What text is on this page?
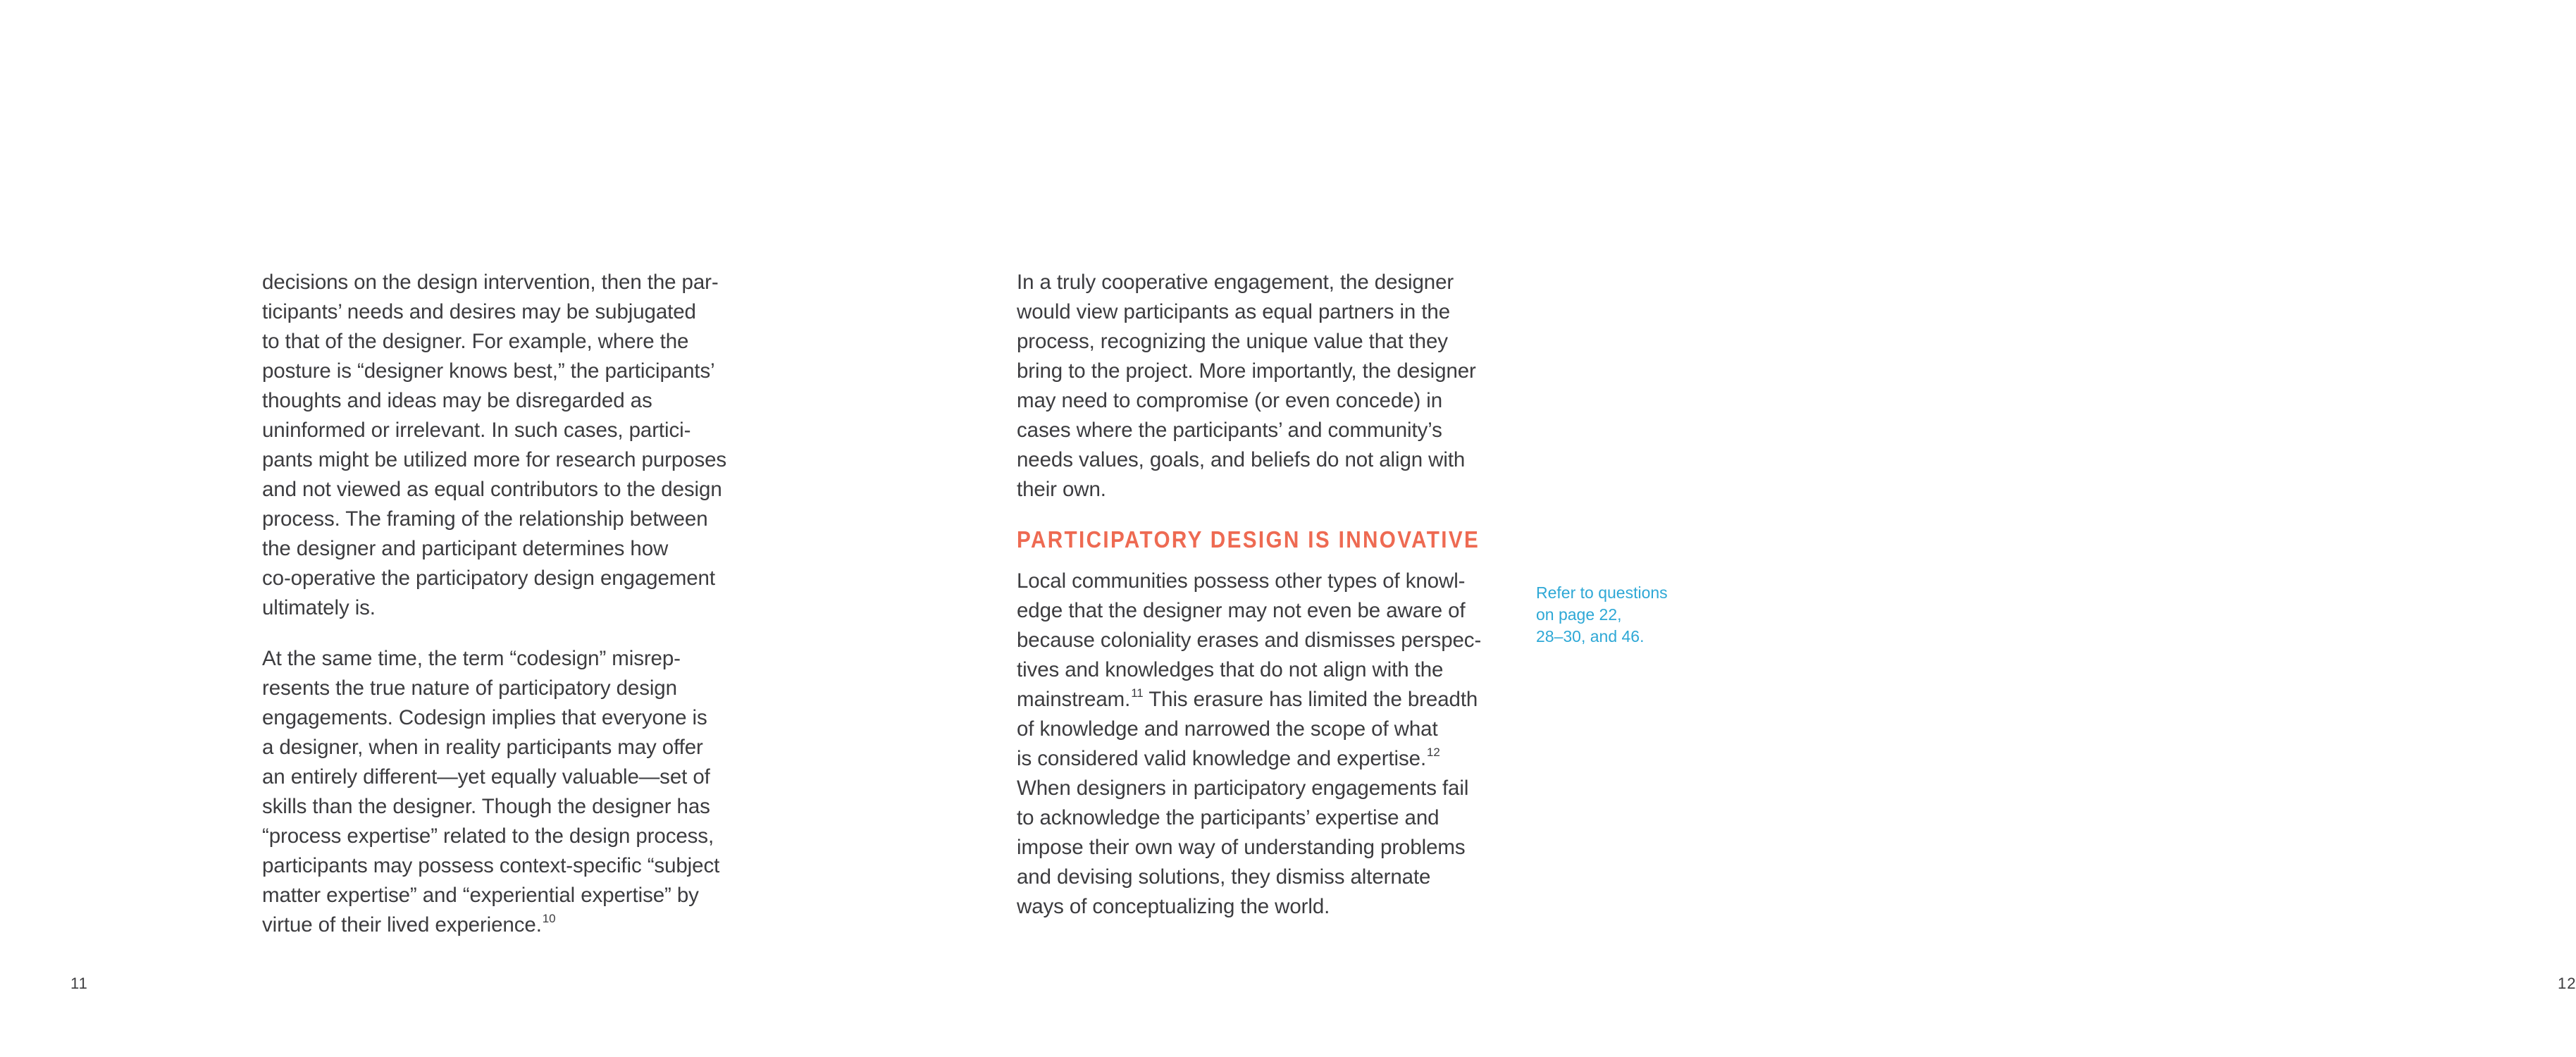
decisions on the design intervention, then the par-
ticipants’ needs and desires may be subjugated
to that of the designer. For example, where the
posture is “designer knows best,” the participants’
thoughts and ideas may be disregarded as
uninformed or irrelevant. In such cases, partici-
pants might be utilized more for research purposes
and not viewed as equal contributors to the design
process. The framing of the relationship between
the designer and participant determines how
co-operative the participatory design engagement
ultimately is.

At the same time, the term “codesign” misrep-
resents the true nature of participatory design
engagements. Codesign implies that everyone is
a designer, when in reality participants may offer
an entirely different—yet equally valuable—set of
skills than the designer. Though the designer has
“process expertise” related to the design process,
participants may possess context-specific “subject
matter expertise” and “experiential expertise” by
virtue of their lived experience.$^{10}$

11

In a truly cooperative engagement, the designer
would view participants as equal partners in the
process, recognizing the unique value that they
bring to the project. More importantly, the designer
may need to compromise (or even concede) in
cases where the participants’ and community’s
needs values, goals, and beliefs do not align with
their own.

PARTICIPATORY DESIGN IS INNOVATIVE

Local communities possess other types of knowl-
edge that the designer may not even be aware of
because coloniality erases and dismisses perspec-
tives and knowledges that do not align with the
mainstream.$^{11}$ This erasure has limited the breadth
of knowledge and narrowed the scope of what
is considered valid knowledge and expertise.$^{12}$
When designers in participatory engagements fail
to acknowledge the participants’ expertise and
impose their own way of understanding problems
and devising solutions, they dismiss alternate
ways of conceptualizing the world.

Refer to questions
on page 22,
28–30, and 46.
12
